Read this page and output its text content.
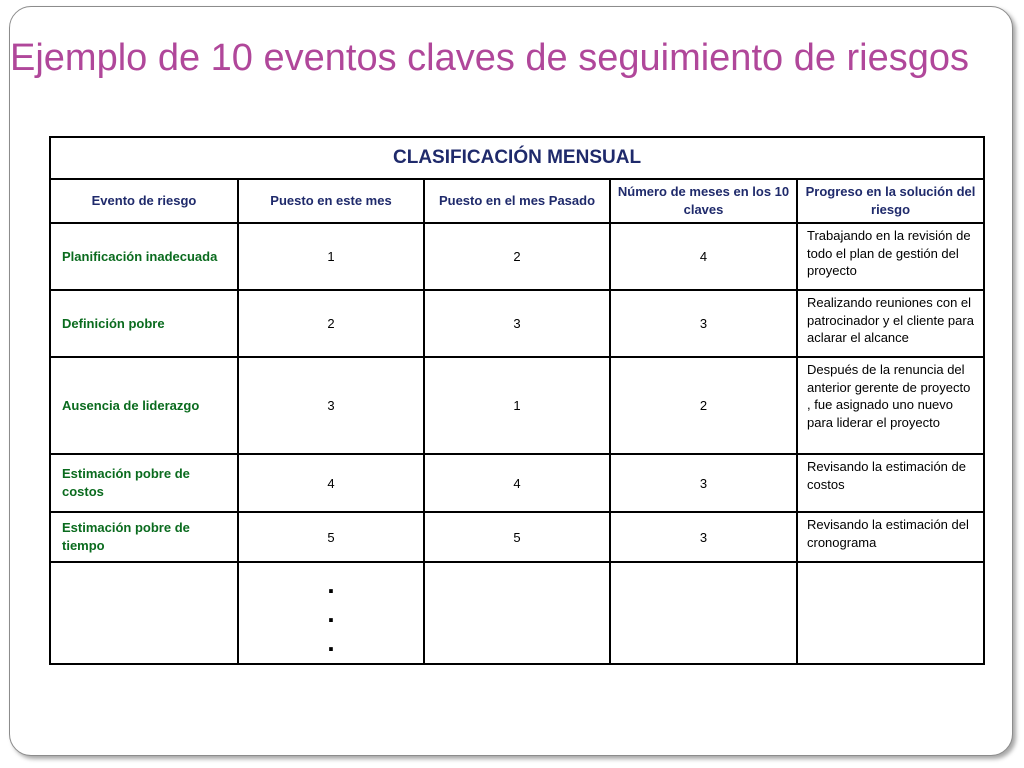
Ejemplo de 10 eventos claves de seguimiento de riesgos
CLASIFICACIÓN MENSUAL				
Evento de riesgo	Puesto en este mes	Puesto en el mes Pasado	Número de meses en los 10 claves	Progreso en la solución del riesgo
Planificación inadecuada	1	2	4	Trabajando en la revisión de todo el plan de gestión del proyecto
Definición pobre	2	3	3	Realizando reuniones con el patrocinador y el cliente para aclarar el alcance
Ausencia de liderazgo	3	1	2	Después de la renuncia del anterior gerente de proyecto , fue asignado uno nuevo para liderar el proyecto
Estimación pobre de costos	4	4	3	Revisando la estimación de costos
Estimación pobre de tiempo	5	5	3	Revisando la estimación del cronograma

	.
.
.			
